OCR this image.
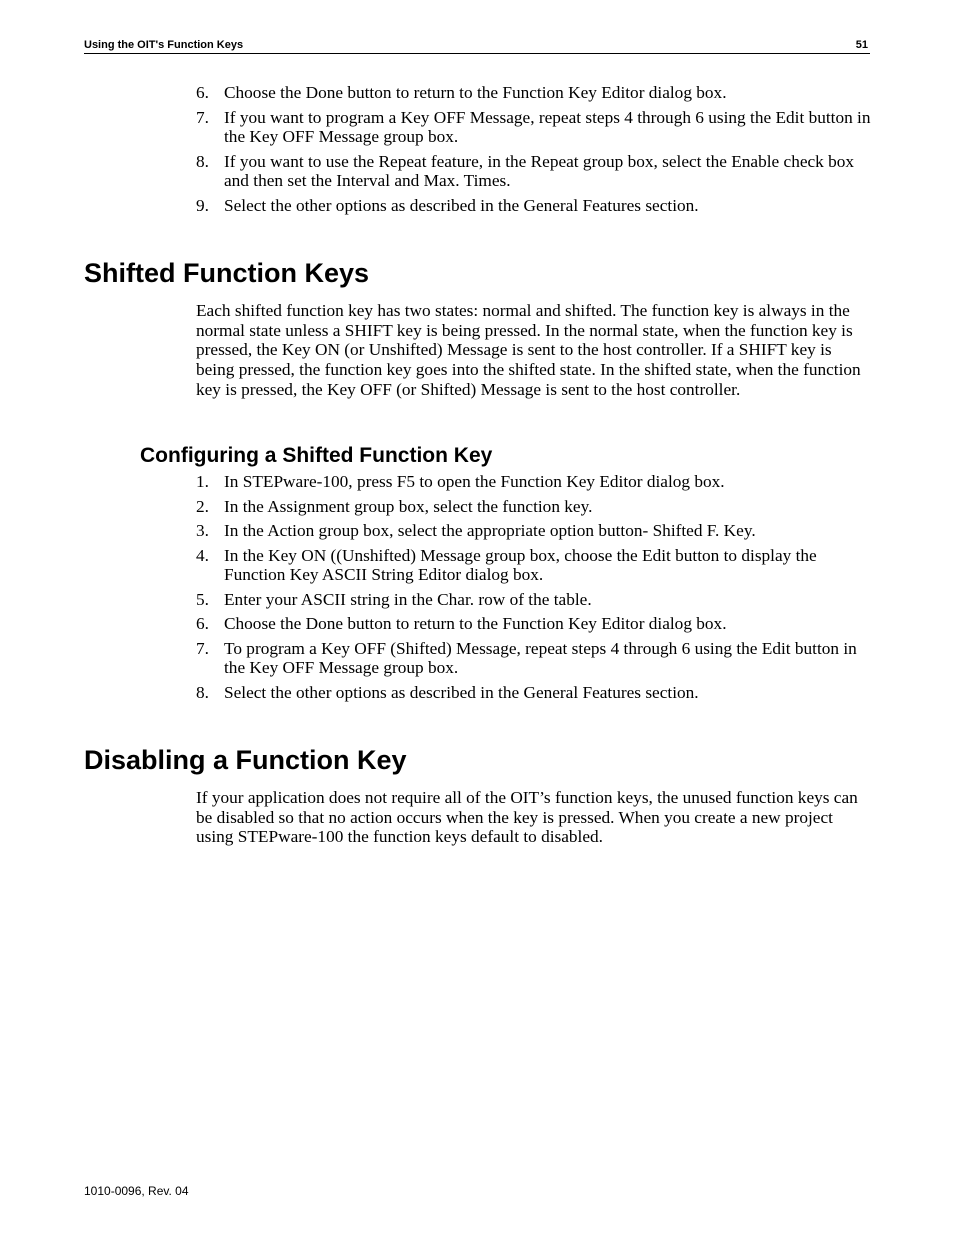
Using the OIT's Function Keys	51
6. Choose the Done button to return to the Function Key Editor dialog box.
7. If you want to program a Key OFF Message, repeat steps 4 through 6 using the Edit button in the Key OFF Message group box.
8. If you want to use the Repeat feature, in the Repeat group box, select the Enable check box and then set the Interval and Max. Times.
9. Select the other options as described in the General Features section.
Shifted Function Keys

Each shifted function key has two states: normal and shifted. The function key is always in the normal state unless a SHIFT key is being pressed. In the normal state, when the function key is pressed, the Key ON (or Unshifted) Message is sent to the host controller. If a SHIFT key is being pressed, the function key goes into the shifted state. In the shifted state, when the function key is pressed, the Key OFF (or Shifted) Message is sent to the host controller.

Configuring a Shifted Function Key
1. In STEPware-100, press F5 to open the Function Key Editor dialog box.
2. In the Assignment group box, select the function key.
3. In the Action group box, select the appropriate option button- Shifted F. Key.
4. In the Key ON ((Unshifted) Message group box, choose the Edit button to display the Function Key ASCII String Editor dialog box.
5. Enter your ASCII string in the Char. row of the table.
6. Choose the Done button to return to the Function Key Editor dialog box.
7. To program a Key OFF (Shifted) Message, repeat steps 4 through 6 using the Edit button in the Key OFF Message group box.
8. Select the other options as described in the General Features section.
Disabling a Function Key

If your application does not require all of the OIT’s function keys, the unused function keys can be disabled so that no action occurs when the key is pressed. When you create a new project using STEPware-100 the function keys default to disabled.

1010-0096, Rev. 04
